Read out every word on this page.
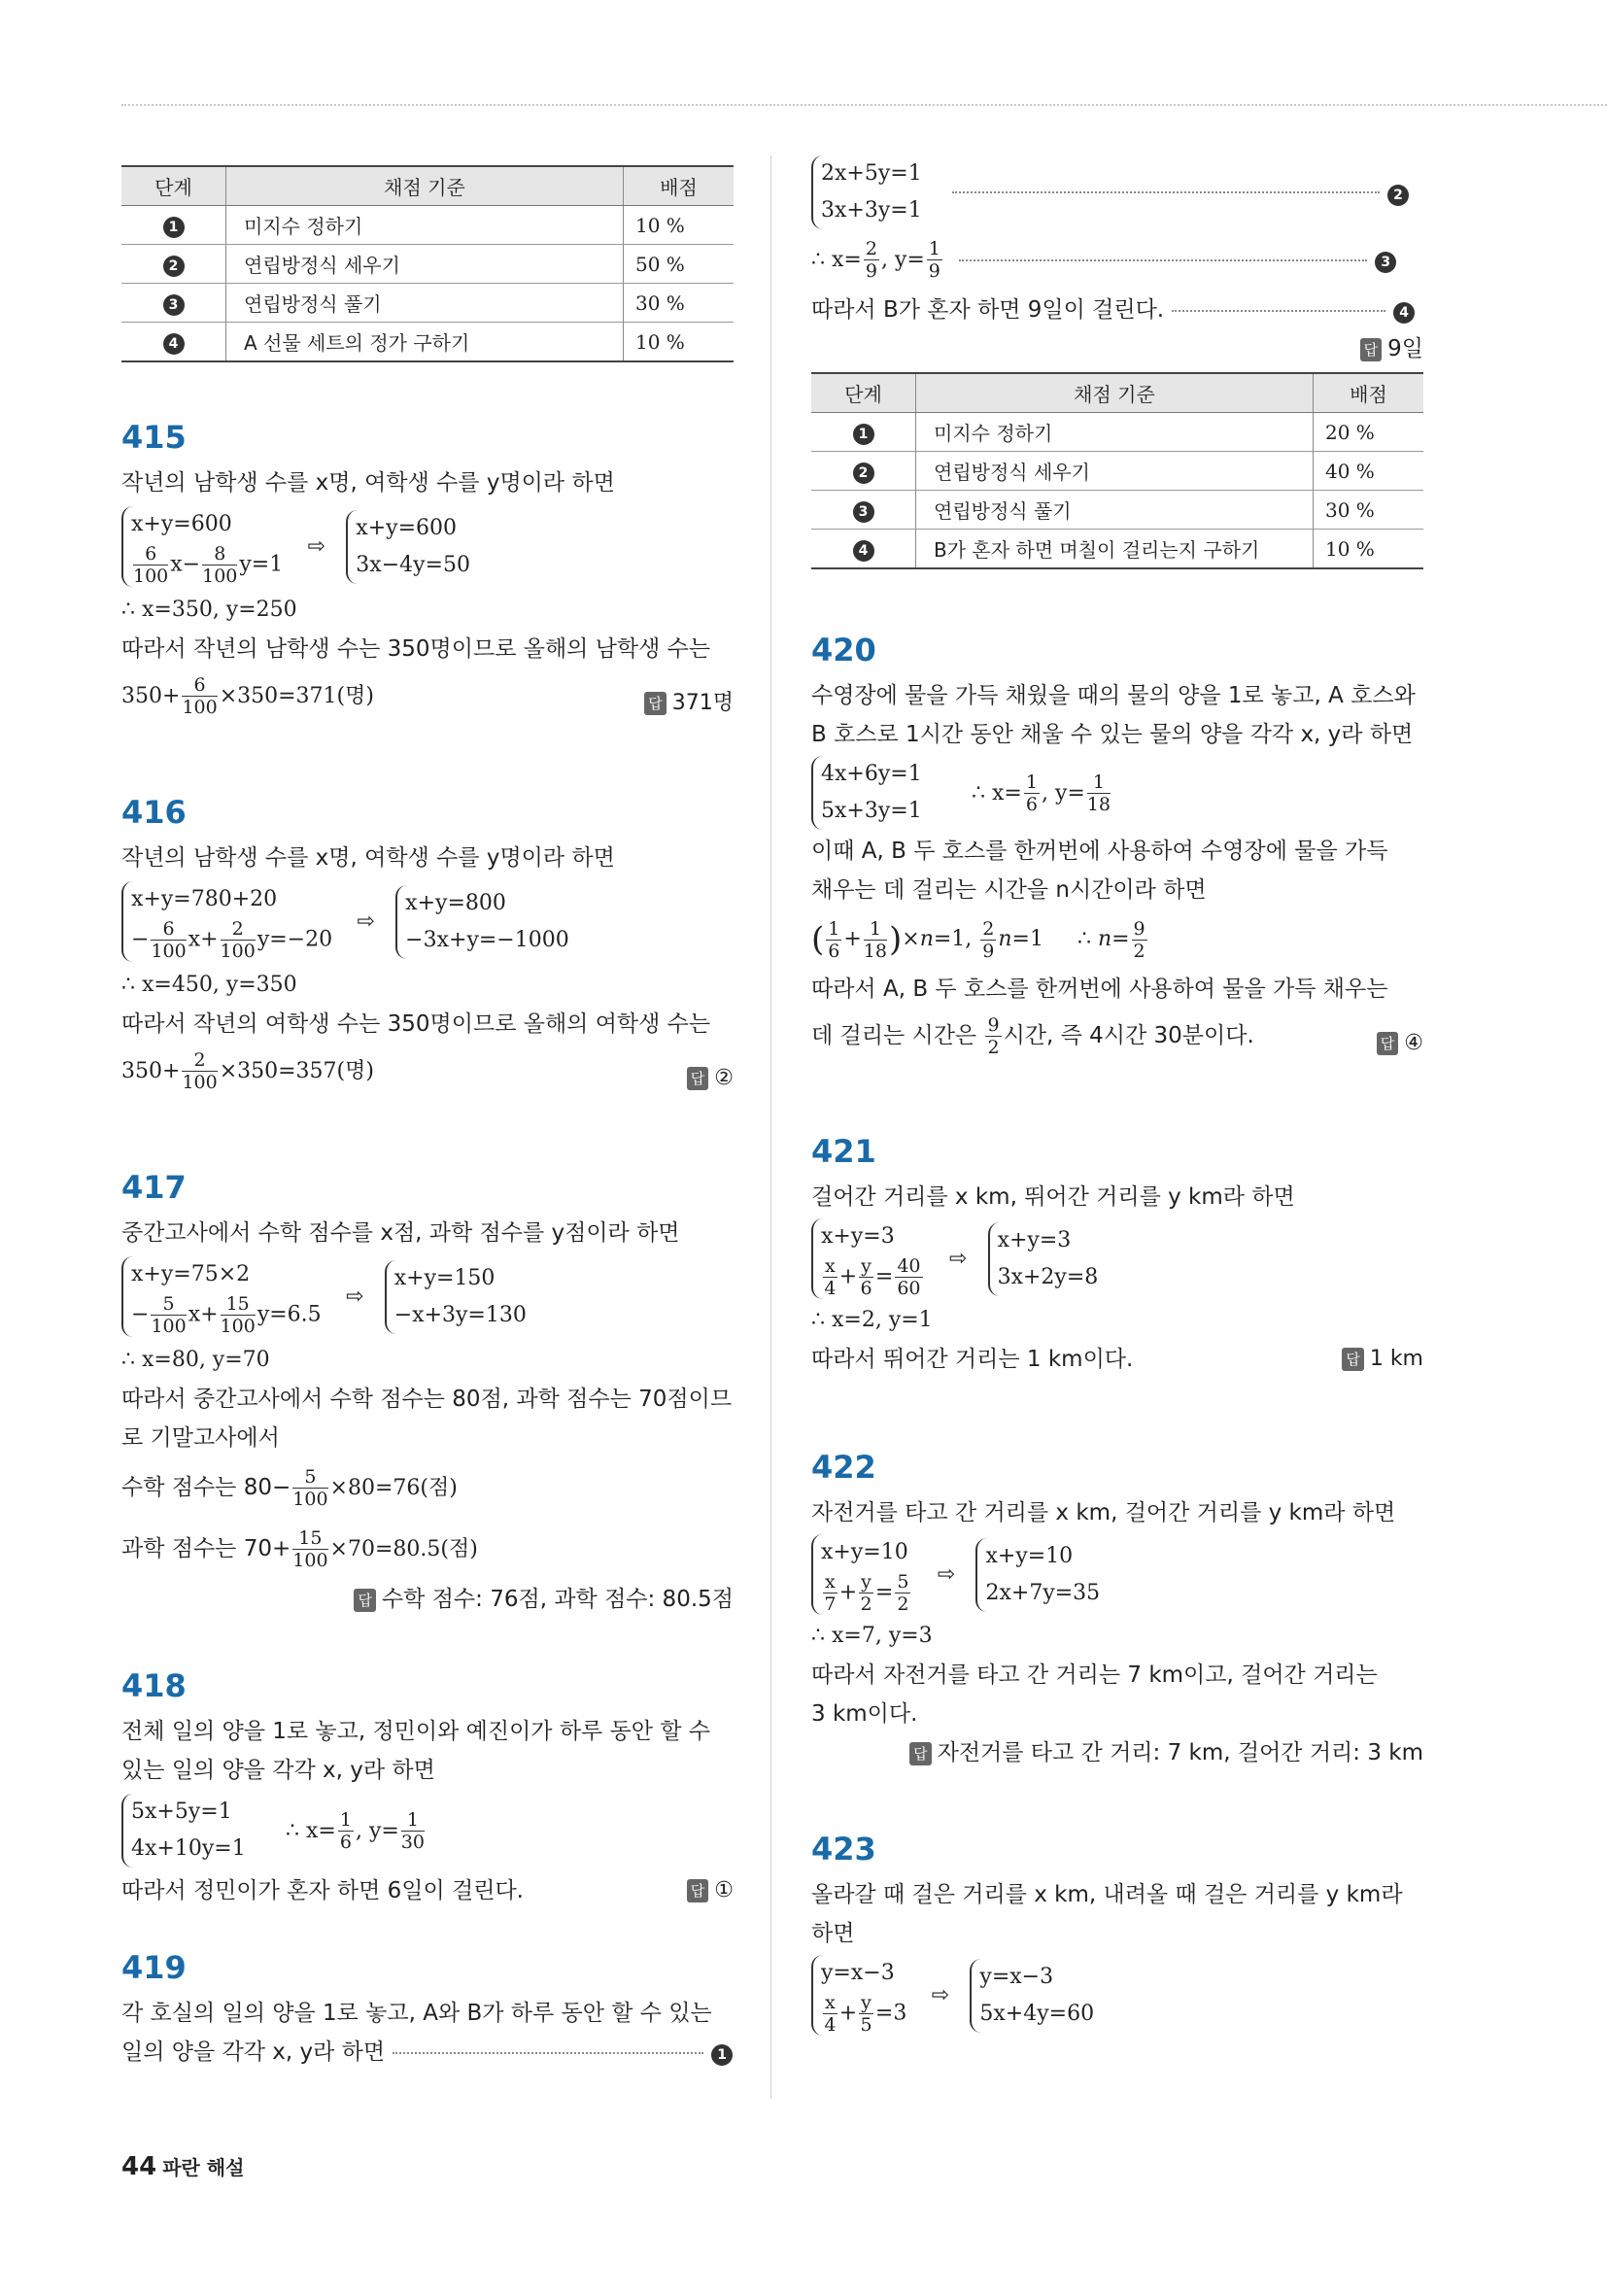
단계	채점 기준	배점
1	미지수 정하기	10 %
2	연립방정식 세우기	50 %
3	연립방정식 풀기	30 %
4	A 선물 세트의 정가 구하기	10 %
415
작년의 남학생 수를 x명, 여학생 수를 y명이라 하면
x+y=600
$\frac{6}{100} x- \frac{8}{100} y=1$
⇨
x+y=600
3x−4y=50
∴ x=350, y=250
따라서 작년의 남학생 수는 350명이므로 올해의 남학생 수는
$350+ \frac{6}{100} \times 350=371$(명)	답 371명
416
작년의 남학생 수를 x명, 여학생 수를 y명이라 하면
x+y=780+20
− $\frac{6}{100} x+ \frac{2}{100} y=-20$
⇨
x+y=800
−3x+y=−1000
∴ x=450, y=350
따라서 작년의 여학생 수는 350명이므로 올해의 여학생 수는
$350+ \frac{2}{100} \times 350=357$(명)	답 ②
417
중간고사에서 수학 점수를 x점, 과학 점수를 y점이라 하면
x+y=75×2
− $\frac{5}{100} x+ \frac{15}{100} y=6.5$
⇨
x+y=150
−x+3y=130
∴ x=80, y=70
따라서 중간고사에서 수학 점수는 80점, 과학 점수는 70점이므
로 기말고사에서
수학 점수는 $80- \frac{5}{100} \times 80=76$(점)
과학 점수는 $70+ \frac{15}{100} \times 70=80.5$(점)
답 수학 점수: 76점, 과학 점수: 80.5점
418
전체 일의 양을 1로 놓고, 정민이와 예진이가 하루 동안 할 수
있는 일의 양을 각각 x, y라 하면
5x+5y=1
4x+10y=1
∴ $x= \frac{1}{6}$ , $y= \frac{1}{30}$
따라서 정민이가 혼자 하면 6일이 걸린다.	답 ①
419
각 호실의 일의 양을 1로 놓고, A와 B가 하루 동안 할 수 있는
일의 양을 각각 x, y라 하면	1
2x+5y=1
3x+3y=1
2
∴ $x= \frac{2}{9}$ , $y= \frac{1}{9}$	3
따라서 B가 혼자 하면 9일이 걸린다.	4
답 9일
단계	채점 기준	배점
1	미지수 정하기	20 %
2	연립방정식 세우기	40 %
3	연립방정식 풀기	30 %
4	B가 혼자 하면 며칠이 걸리는지 구하기	10 %
420
수영장에 물을 가득 채웠을 때의 물의 양을 1로 놓고, A 호스와
B 호스로 1시간 동안 채울 수 있는 물의 양을 각각 x, y라 하면
4x+6y=1
5x+3y=1
∴ $x= \frac{1}{6}$ , $y= \frac{1}{18}$
이때 A, B 두 호스를 한꺼번에 사용하여 수영장에 물을 가득
채우는 데 걸리는 시간을 n시간이라 하면
( $\frac{1}{6} + \frac{1}{18} )\times n=1$, $\frac{2}{9} n=1$     ∴ $n= \frac{9}{2}$
따라서 A, B 두 호스를 한꺼번에 사용하여 물을 가득 채우는
데 걸리는 시간은 $\frac{9}{2}$ 시간, 즉 4시간 30분이다.	답 ④
421
걸어간 거리를 x km, 뛰어간 거리를 y km라 하면
x+y=3
$\frac{x}{4} + \frac{y}{6} = \frac{40}{60}$ ⇨
x+y=3
3x+2y=8
∴ x=2, y=1
따라서 뛰어간 거리는 1 km이다.	답 1 km
422
자전거를 타고 간 거리를 x km, 걸어간 거리를 y km라 하면
x+y=10
$\frac{x}{7} + \frac{y}{2} = \frac{5}{2}$ ⇨
x+y=10
2x+7y=35
∴ x=7, y=3
따라서 자전거를 타고 간 거리는 7 km이고, 걸어간 거리는
3 km이다.
답 자전거를 타고 간 거리: 7 km, 걸어간 거리: 3 km
423
올라갈 때 걸은 거리를 x km, 내려올 때 걸은 거리를 y km라
하면
y=x−3
$\frac{x}{4} + \frac{y}{5} =3$
⇨
y=x−3
5x+4y=60
44 파란 해설
